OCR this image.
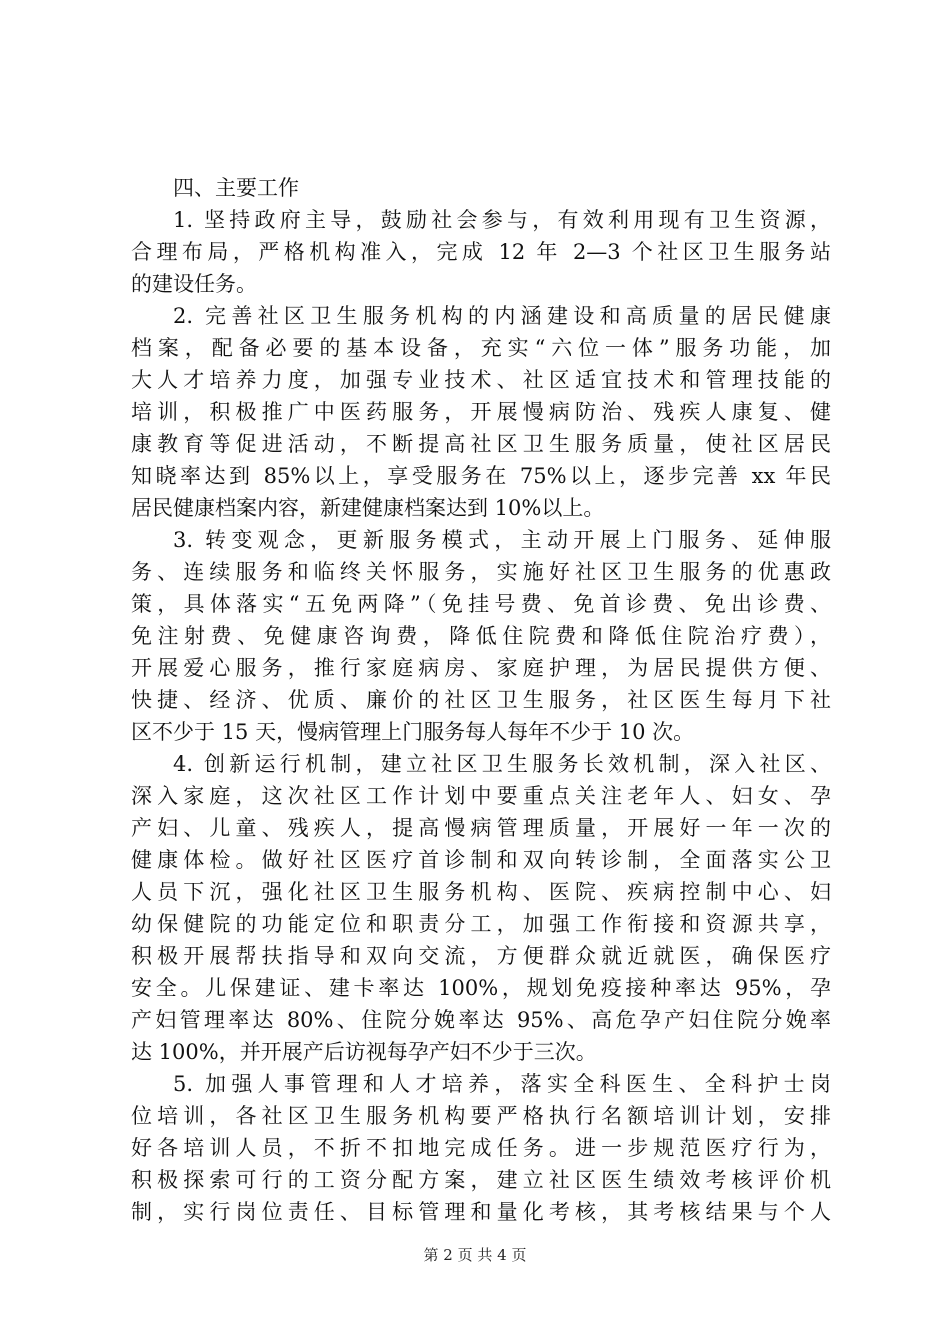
四、主要工作
1. 坚持政府主导，鼓励社会参与，有效利用现有卫生资源，
合理布局，严格机构准入，完成 12 年 2—3 个社区卫生服务站
的建设任务。
2. 完善社区卫生服务机构的内涵建设和高质量的居民健康
档案，配备必要的基本设备，充实“六位一体”服务功能，加
大人才培养力度，加强专业技术、社区适宜技术和管理技能的
培训，积极推广中医药服务，开展慢病防治、残疾人康复、健
康教育等促进活动，不断提高社区卫生服务质量，使社区居民
知晓率达到 85%以上，享受服务在 75%以上，逐步完善 xx 年民
居民健康档案内容，新建健康档案达到 10%以上。
3. 转变观念，更新服务模式，主动开展上门服务、延伸服
务、连续服务和临终关怀服务，实施好社区卫生服务的优惠政
策，具体落实“五免两降”（免挂号费、免首诊费、免出诊费、
免注射费、免健康咨询费，降低住院费和降低住院治疗费），
开展爱心服务，推行家庭病房、家庭护理，为居民提供方便、
快捷、经济、优质、廉价的社区卫生服务，社区医生每月下社
区不少于 15 天，慢病管理上门服务每人每年不少于 10 次。
4. 创新运行机制，建立社区卫生服务长效机制，深入社区、
深入家庭，这次社区工作计划中要重点关注老年人、妇女、孕
产妇、儿童、残疾人，提高慢病管理质量，开展好一年一次的
健康体检。做好社区医疗首诊制和双向转诊制，全面落实公卫
人员下沉，强化社区卫生服务机构、医院、疾病控制中心、妇
幼保健院的功能定位和职责分工，加强工作衔接和资源共享，
积极开展帮扶指导和双向交流，方便群众就近就医，确保医疗
安全。儿保建证、建卡率达 100%，规划免疫接种率达 95%，孕
产妇管理率达 80%、住院分娩率达 95%、高危孕产妇住院分娩率
达 100%，并开展产后访视每孕产妇不少于三次。
5. 加强人事管理和人才培养，落实全科医生、全科护士岗
位培训，各社区卫生服务机构要严格执行名额培训计划，安排
好各培训人员，不折不扣地完成任务。进一步规范医疗行为，
积极探索可行的工资分配方案，建立社区医生绩效考核评价机
制，实行岗位责任、目标管理和量化考核，其考核结果与个人
第 2 页 共 4 页
